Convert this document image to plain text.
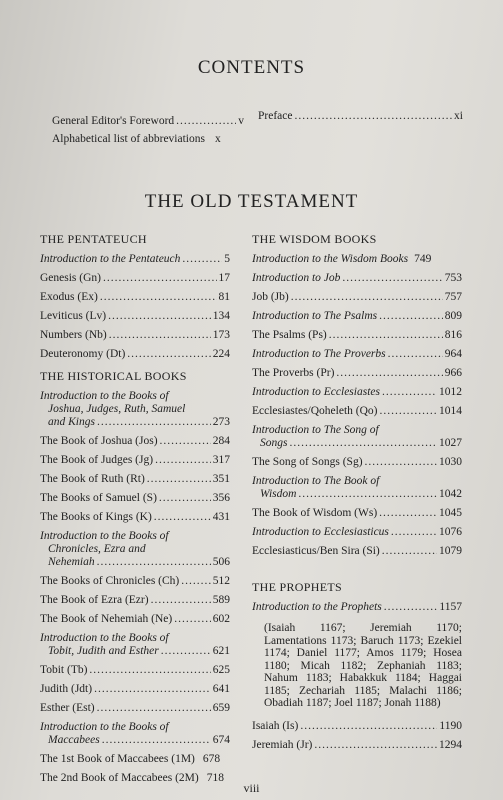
CONTENTS
General Editor's Foreword .....	v
Alphabetical list of abbreviations x
Preface .....	xi
THE OLD TESTAMENT
THE PENTATEUCH
Introduction to the Pentateuch .....	5
Genesis (Gn) .....	17
Exodus (Ex) .....	81
Leviticus (Lv) .....	134
Numbers (Nb) .....	173
Deuteronomy (Dt) .....	224
THE HISTORICAL BOOKS
Introduction to the Books of
Joshua, Judges, Ruth, Samuel
and Kings .....	273
The Book of Joshua (Jos) .....	284
The Book of Judges (Jg) .....	317
The Book of Ruth (Rt) .....	351
The Books of Samuel (S) .....	356
The Books of Kings (K) .....	431
Introduction to the Books of
Chronicles, Ezra and
Nehemiah .....	506
The Books of Chronicles (Ch) .....	512
The Book of Ezra (Ezr) .....	589
The Book of Nehemiah (Ne) .....	602
Introduction to the Books of
Tobit, Judith and Esther .....	621
Tobit (Tb) .....	625
Judith (Jdt) .....	641
Esther (Est) .....	659
Introduction to the Books of
Maccabees .....	674
The 1st Book of Maccabees (1M) 678
The 2nd Book of Maccabees (2M) 718
THE WISDOM BOOKS
Introduction to the Wisdom Books 749
Introduction to Job .....	753
Job (Jb) .....	757
Introduction to The Psalms .....	809
The Psalms (Ps) .....	816
Introduction to The Proverbs .....	964
The Proverbs (Pr) .....	966
Introduction to Ecclesiastes .....	1012
Ecclesiastes/Qoheleth (Qo) .....	1014
Introduction to The Song of
Songs .....	1027
The Song of Songs (Sg) .....	1030
Introduction to The Book of
Wisdom .....	1042
The Book of Wisdom (Ws) .....	1045
Introduction to Ecclesiasticus .....	1076
Ecclesiasticus/Ben Sira (Si) .....	1079
THE PROPHETS
Introduction to the Prophets .....	1157
(Isaiah 1167; Jeremiah 1170; Lamentations 1173; Baruch 1173; Ezekiel 1174; Daniel 1177; Amos 1179; Hosea 1180; Micah 1182; Zephaniah 1183; Nahum 1183; Habakkuk 1184; Haggai 1185; Zechariah 1185; Malachi 1186; Obadiah 1187; Joel 1187; Jonah 1188)
Isaiah (Is) .....	1190
Jeremiah (Jr) .....	1294
viii
